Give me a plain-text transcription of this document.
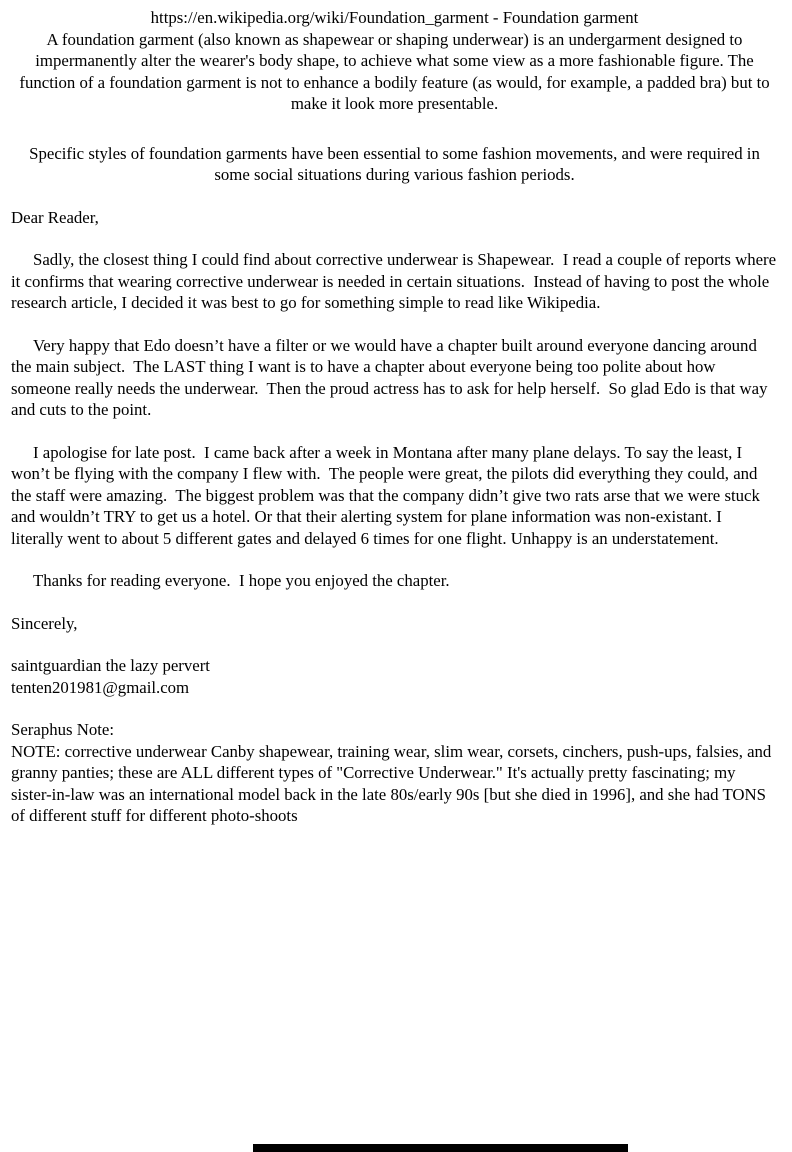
https://en.wikipedia.org/wiki/Foundation_garment - Foundation garment

A foundation garment (also known as shapewear or shaping underwear) is an undergarment designed to impermanently alter the wearer's body shape, to achieve what some view as a more fashionable figure. The function of a foundation garment is not to enhance a bodily feature (as would, for example, a padded bra) but to make it look more presentable.

Specific styles of foundation garments have been essential to some fashion movements, and were required in some social situations during various fashion periods.

Dear Reader,

Sadly, the closest thing I could find about corrective underwear is Shapewear.  I read a couple of reports where it confirms that wearing corrective underwear is needed in certain situations.  Instead of having to post the whole research article, I decided it was best to go for something simple to read like Wikipedia.

Very happy that Edo doesn’t have a filter or we would have a chapter built around everyone dancing around the main subject.  The LAST thing I want is to have a chapter about everyone being too polite about how someone really needs the underwear.  Then the proud actress has to ask for help herself.  So glad Edo is that way and cuts to the point.

I apologise for late post.  I came back after a week in Montana after many plane delays. To say the least, I won’t be flying with the company I flew with.  The people were great, the pilots did everything they could, and the staff were amazing.  The biggest problem was that the company didn’t give two rats arse that we were stuck and wouldn’t TRY to get us a hotel. Or that their alerting system for plane information was non-existant. I literally went to about 5 different gates and delayed 6 times for one flight. Unhappy is an understatement.

Thanks for reading everyone.  I hope you enjoyed the chapter.

Sincerely,

saintguardian the lazy pervert

tenten201981@gmail.com

Seraphus Note:

NOTE: corrective underwear Canby shapewear, training wear, slim wear, corsets, cinchers, push-ups, falsies, and granny panties; these are ALL different types of "Corrective Underwear." It's actually pretty fascinating; my sister-in-law was an international model back in the late 80s/early 90s [but she died in 1996], and she had TONS of different stuff for different photo-shoots
